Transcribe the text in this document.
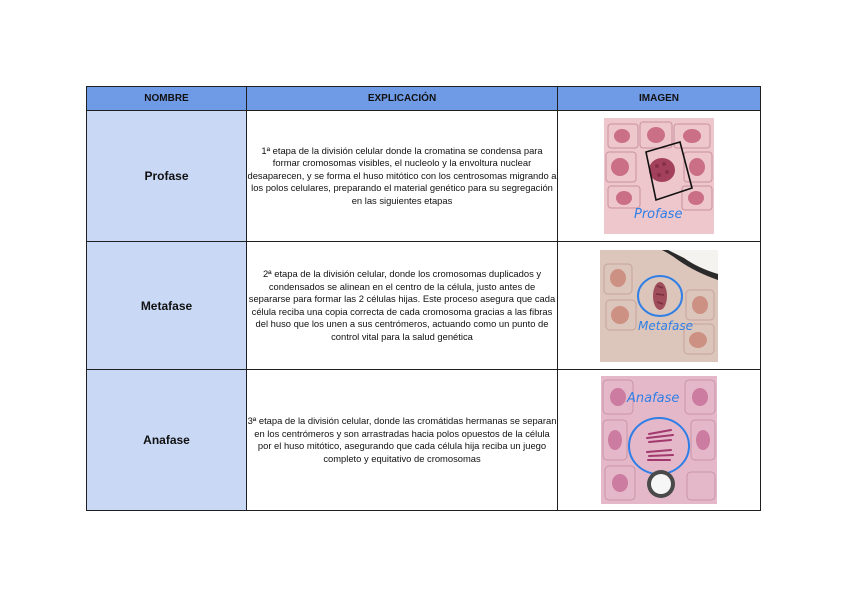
NOMBRE	EXPLICACIÓN	IMAGEN
Profase	1ª etapa de la división celular donde la cromatina se condensa para formar cromosomas visibles, el nucleolo y la envoltura nuclear desaparecen, y se forma el huso mitótico con los centrosomas migrando a los polos celulares, preparando el material genético para su segregación en las siguientes etapas	Profase

Metafase	2ª etapa de la división celular, donde los cromosomas duplicados y condensados se alinean en el centro de la célula, justo antes de separarse para formar las 2 células hijas. Este proceso asegura que cada célula reciba una copia correcta de cada cromosoma gracias a las fibras del huso que los unen a sus centrómeros, actuando como un punto de control vital para la salud genética	Metafase

Anafase	3ª etapa de la división celular, donde las cromátidas hermanas se separan en los centrómeros y son arrastradas hacia polos opuestos de la célula por el huso mitótico, asegurando que cada célula hija reciba un juego completo y equitativo de cromosomas	Anafase
